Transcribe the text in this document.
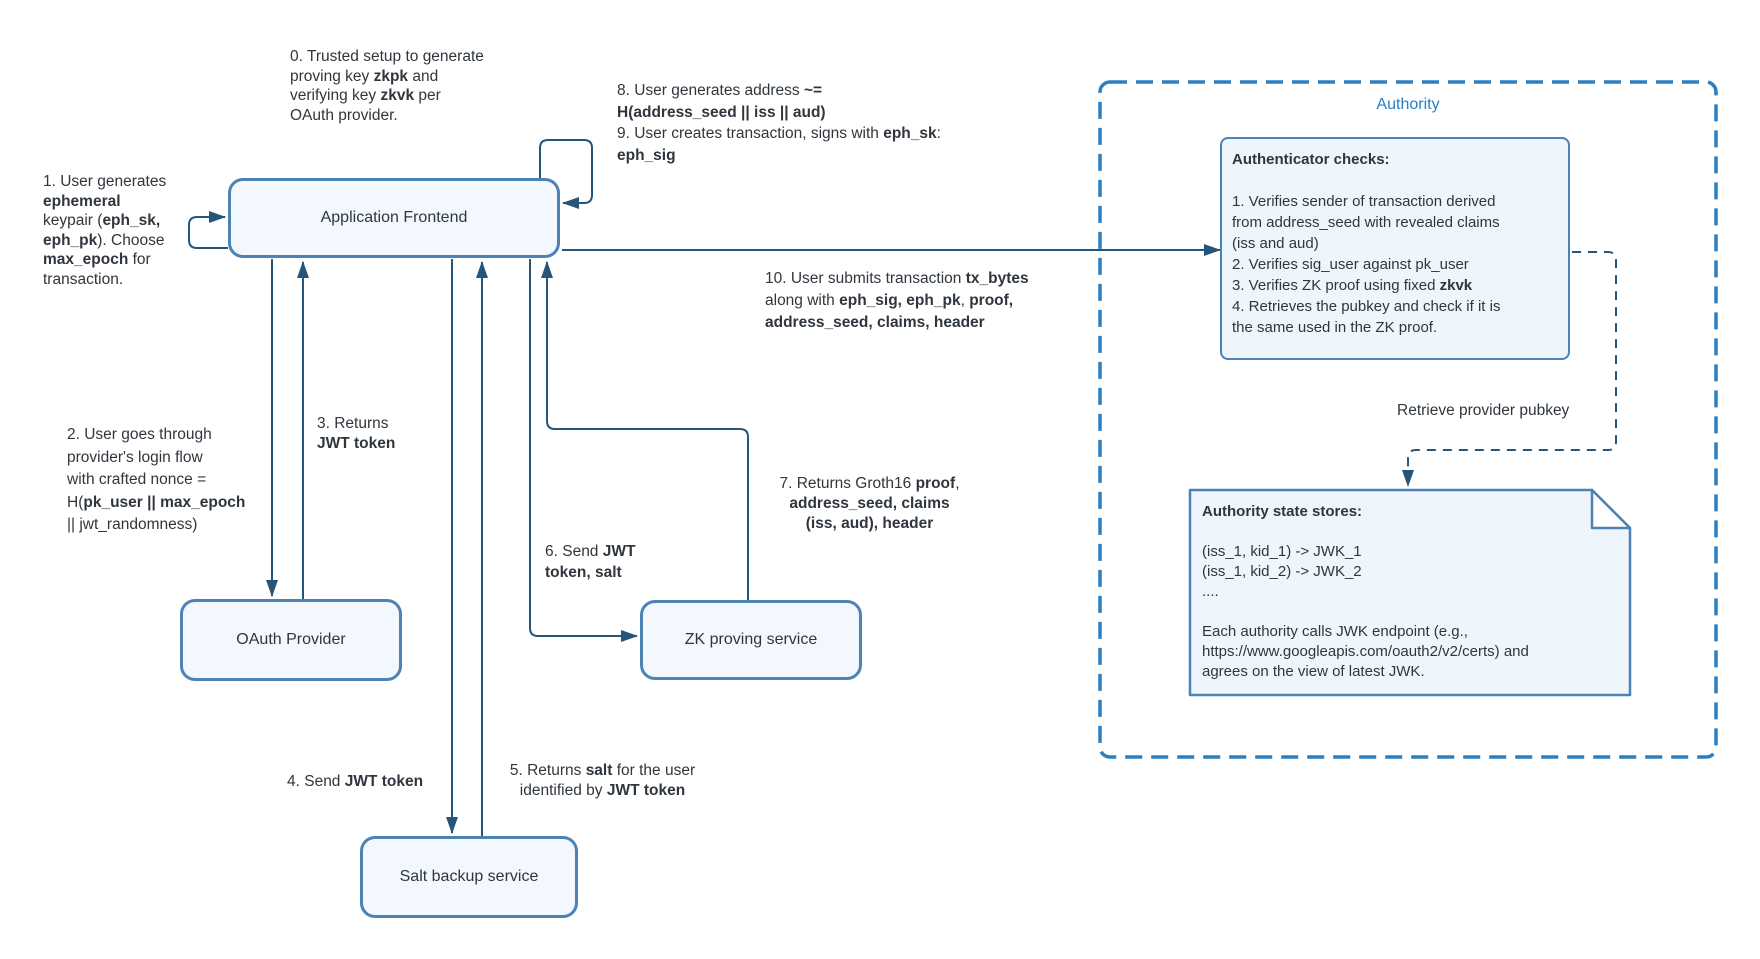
Application Frontend
OAuth Provider	ZK proving service
Salt backup service
Authority
Authenticator checks:

1. Verifies sender of transaction derived
from address_seed with revealed claims
(iss and aud)
2. Verifies sig_user against pk_user
3. Verifies ZK proof using fixed zkvk
4. Retrieves the pubkey and check if it is
the same used in the ZK proof.
Authority state stores:

(iss_1, kid_1) -> JWK_1
(iss_1, kid_2) -> JWK_2
....

Each authority calls JWK endpoint (e.g.,
https://www.googleapis.com/oauth2/v2/certs) and
agrees on the view of latest JWK.
Retrieve provider pubkey
0. Trusted setup to generate
proving key zkpk and
verifying key zkvk per
OAuth provider.
1. User generates
ephemeral
keypair (eph_sk,
eph_pk). Choose
max_epoch for
transaction.
2. User goes through
provider's login flow
with crafted nonce =
H(pk_user || max_epoch
|| jwt_randomness)
3. Returns
JWT token
4. Send JWT token
5. Returns salt for the user
identified by JWT token
6. Send JWT
token, salt
7. Returns Groth16 proof,
address_seed, claims
(iss, aud), header
8. User generates address ~=
H(address_seed || iss || aud)
9. User creates transaction, signs with eph_sk:
eph_sig
10. User submits transaction tx_bytes
along with eph_sig, eph_pk, proof,
address_seed, claims, header
